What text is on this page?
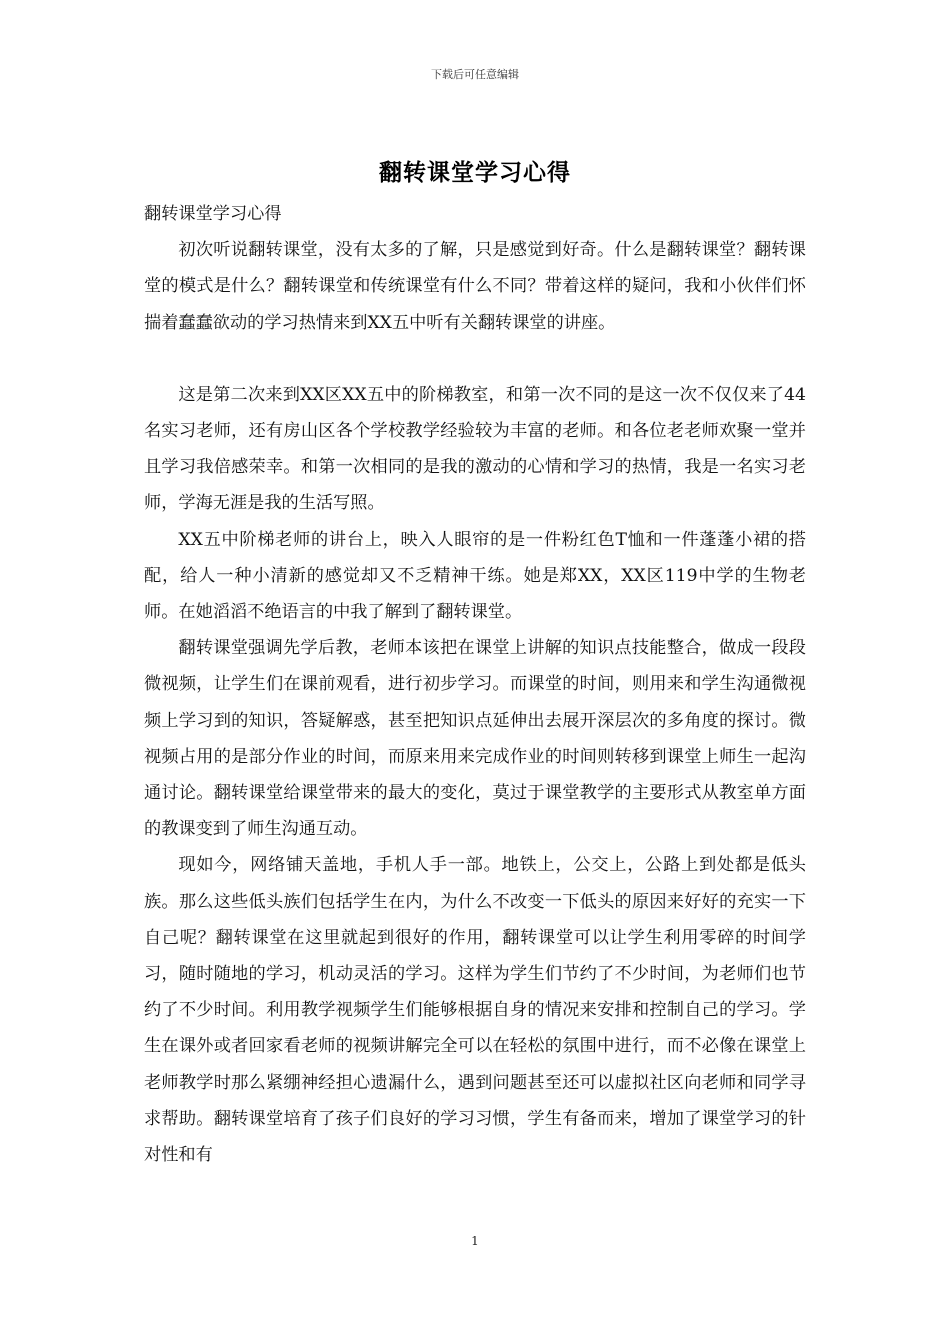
下载后可任意编辑
翻转课堂学习心得

翻转课堂学习心得

初次听说翻转课堂，没有太多的了解，只是感觉到好奇。什么是翻转课堂？翻转课堂的模式是什么？翻转课堂和传统课堂有什么不同？带着这样的疑问，我和小伙伴们怀揣着蠢蠢欲动的学习热情来到XX五中听有关翻转课堂的讲座。

这是第二次来到XX区XX五中的阶梯教室，和第一次不同的是这一次不仅仅来了44名实习老师，还有房山区各个学校教学经验较为丰富的老师。和各位老老师欢聚一堂并且学习我倍感荣幸。和第一次相同的是我的激动的心情和学习的热情，我是一名实习老师，学海无涯是我的生活写照。

XX五中阶梯老师的讲台上，映入人眼帘的是一件粉红色T恤和一件蓬蓬小裙的搭配，给人一种小清新的感觉却又不乏精神干练。她是郑XX，XX区119中学的生物老师。在她滔滔不绝语言的中我了解到了翻转课堂。

翻转课堂强调先学后教，老师本该把在课堂上讲解的知识点技能整合，做成一段段微视频，让学生们在课前观看，进行初步学习。而课堂的时间，则用来和学生沟通微视频上学习到的知识，答疑解惑，甚至把知识点延伸出去展开深层次的多角度的探讨。微视频占用的是部分作业的时间，而原来用来完成作业的时间则转移到课堂上师生一起沟通讨论。翻转课堂给课堂带来的最大的变化，莫过于课堂教学的主要形式从教室单方面的教课变到了师生沟通互动。

现如今，网络铺天盖地，手机人手一部。地铁上，公交上，公路上到处都是低头族。那么这些低头族们包括学生在内，为什么不改变一下低头的原因来好好的充实一下自己呢？翻转课堂在这里就起到很好的作用，翻转课堂可以让学生利用零碎的时间学习，随时随地的学习，机动灵活的学习。这样为学生们节约了不少时间，为老师们也节约了不少时间。利用教学视频学生们能够根据自身的情况来安排和控制自己的学习。学生在课外或者回家看老师的视频讲解完全可以在轻松的氛围中进行，而不必像在课堂上老师教学时那么紧绷神经担心遗漏什么，遇到问题甚至还可以虚拟社区向老师和同学寻求帮助。翻转课堂培育了孩子们良好的学习习惯，学生有备而来，增加了课堂学习的针对性和有

1
